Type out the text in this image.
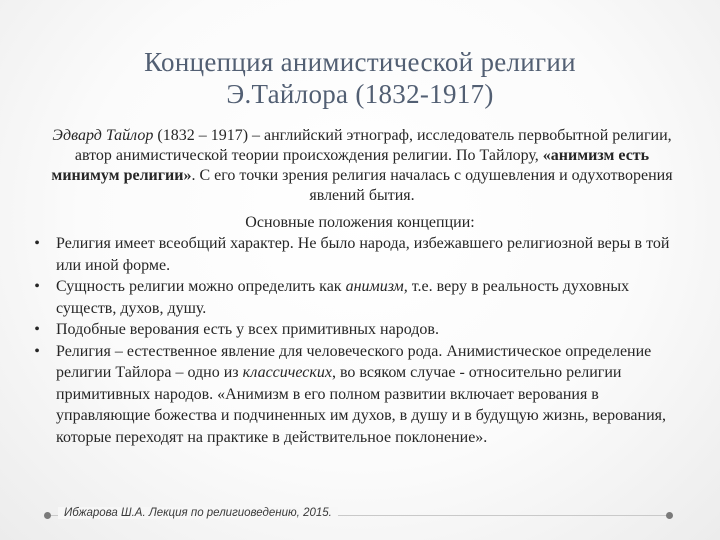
Концепция анимистической религии
Э.Тайлора (1832-1917)
Эдвард Тайлор (1832 – 1917) – английский этнограф, исследователь первобытной религии, автор анимистической теории происхождения религии. По Тайлору, «анимизм есть минимум религии». С его точки зрения религия началась с одушевления и одухотворения явлений бытия.
Основные положения концепции:
• Религия имеет всеобщий характер. Не было народа, избежавшего религиозной веры в той или иной форме.
• Сущность религии можно определить как анимизм, т.е. веру в реальность духовных существ, духов, душу.
• Подобные верования есть у всех примитивных народов.
• Религия – естественное явление для человеческого рода. Анимистическое определение религии Тайлора – одно из классических, во всяком случае - относительно религии примитивных народов. «Анимизм в его полном развитии включает верования в управляющие божества и подчиненных им духов, в душу и в будущую жизнь, верования, которые переходят на практике в действительное поклонение».
Ибжарова Ш.А. Лекция по религиоведению, 2015.
